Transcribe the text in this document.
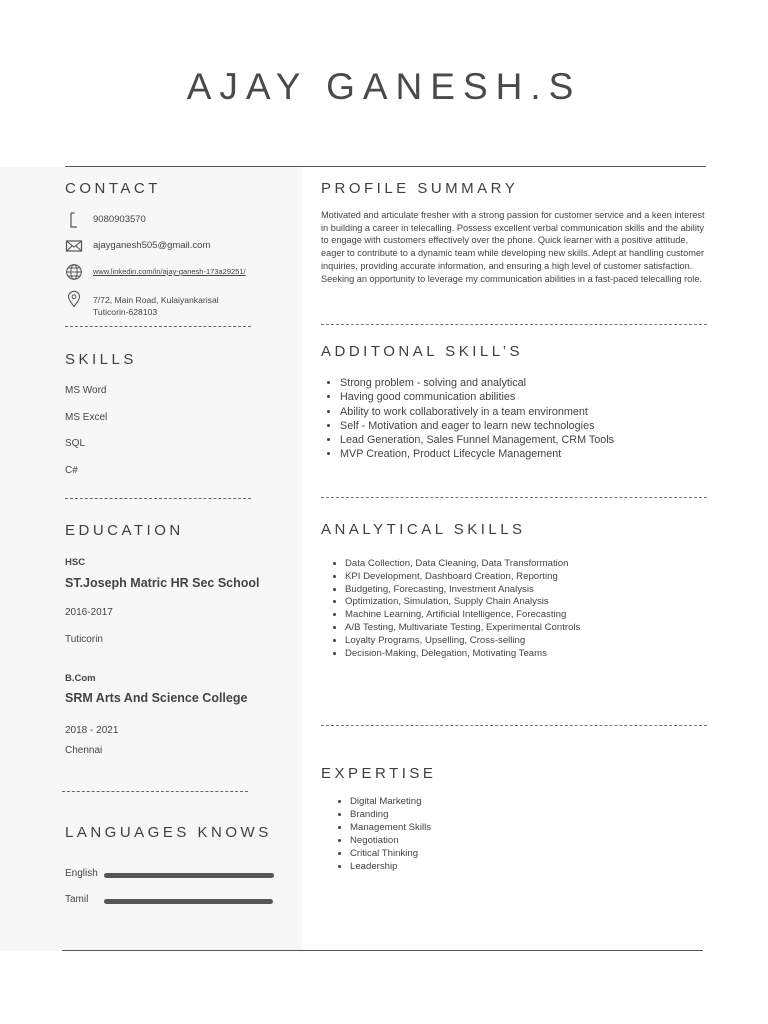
AJAY GANESH.S
CONTACT
9080903570
ajayganesh505@gmail.com
www.linkedin.com/in/ajay-ganesh-173a29251/
7/72, Main Road, Kulaiyankarisal
Tuticorin-628103
SKILLS
MS Word
MS Excel
SQL
C#
EDUCATION
HSC
ST.Joseph Matric HR Sec School
2016-2017
Tuticorin
B.Com
SRM Arts And Science College
2018 - 2021
Chennai
LANGUAGES KNOWS
English
Tamil
PROFILE SUMMARY

Motivated and articulate fresher with a strong passion for customer service and a keen interest in building a career in telecalling. Possess excellent verbal communication skills and the ability to engage with customers effectively over the phone. Quick learner with a positive attitude, eager to contribute to a dynamic team while developing new skills. Adept at handling customer inquiries, providing accurate information, and ensuring a high level of customer satisfaction. Seeking an opportunity to leverage my communication abilities in a fast-paced telecalling role.

ADDITONAL SKILL’S
• Strong problem - solving and analytical
• Having good communication abilities
• Ability to work collaboratively in a team environment
• Self - Motivation and eager to learn new technologies
• Lead Generation, Sales Funnel Management, CRM Tools
• MVP Creation, Product Lifecycle Management
ANALYTICAL SKILLS
• Data Collection, Data Cleaning, Data Transformation
• KPI Development, Dashboard Creation, Reporting
• Budgeting, Forecasting, Investment Analysis
• Optimization, Simulation, Supply Chain Analysis
• Machine Learning, Artificial Intelligence, Forecasting
• A/B Testing, Multivariate Testing, Experimental Controls
• Loyalty Programs, Upselling, Cross-selling
• Decision-Making, Delegation, Motivating Teams
EXPERTISE
• Digital Marketing
• Branding
• Management Skills
• Negotiation
• Critical Thinking
• Leadership
